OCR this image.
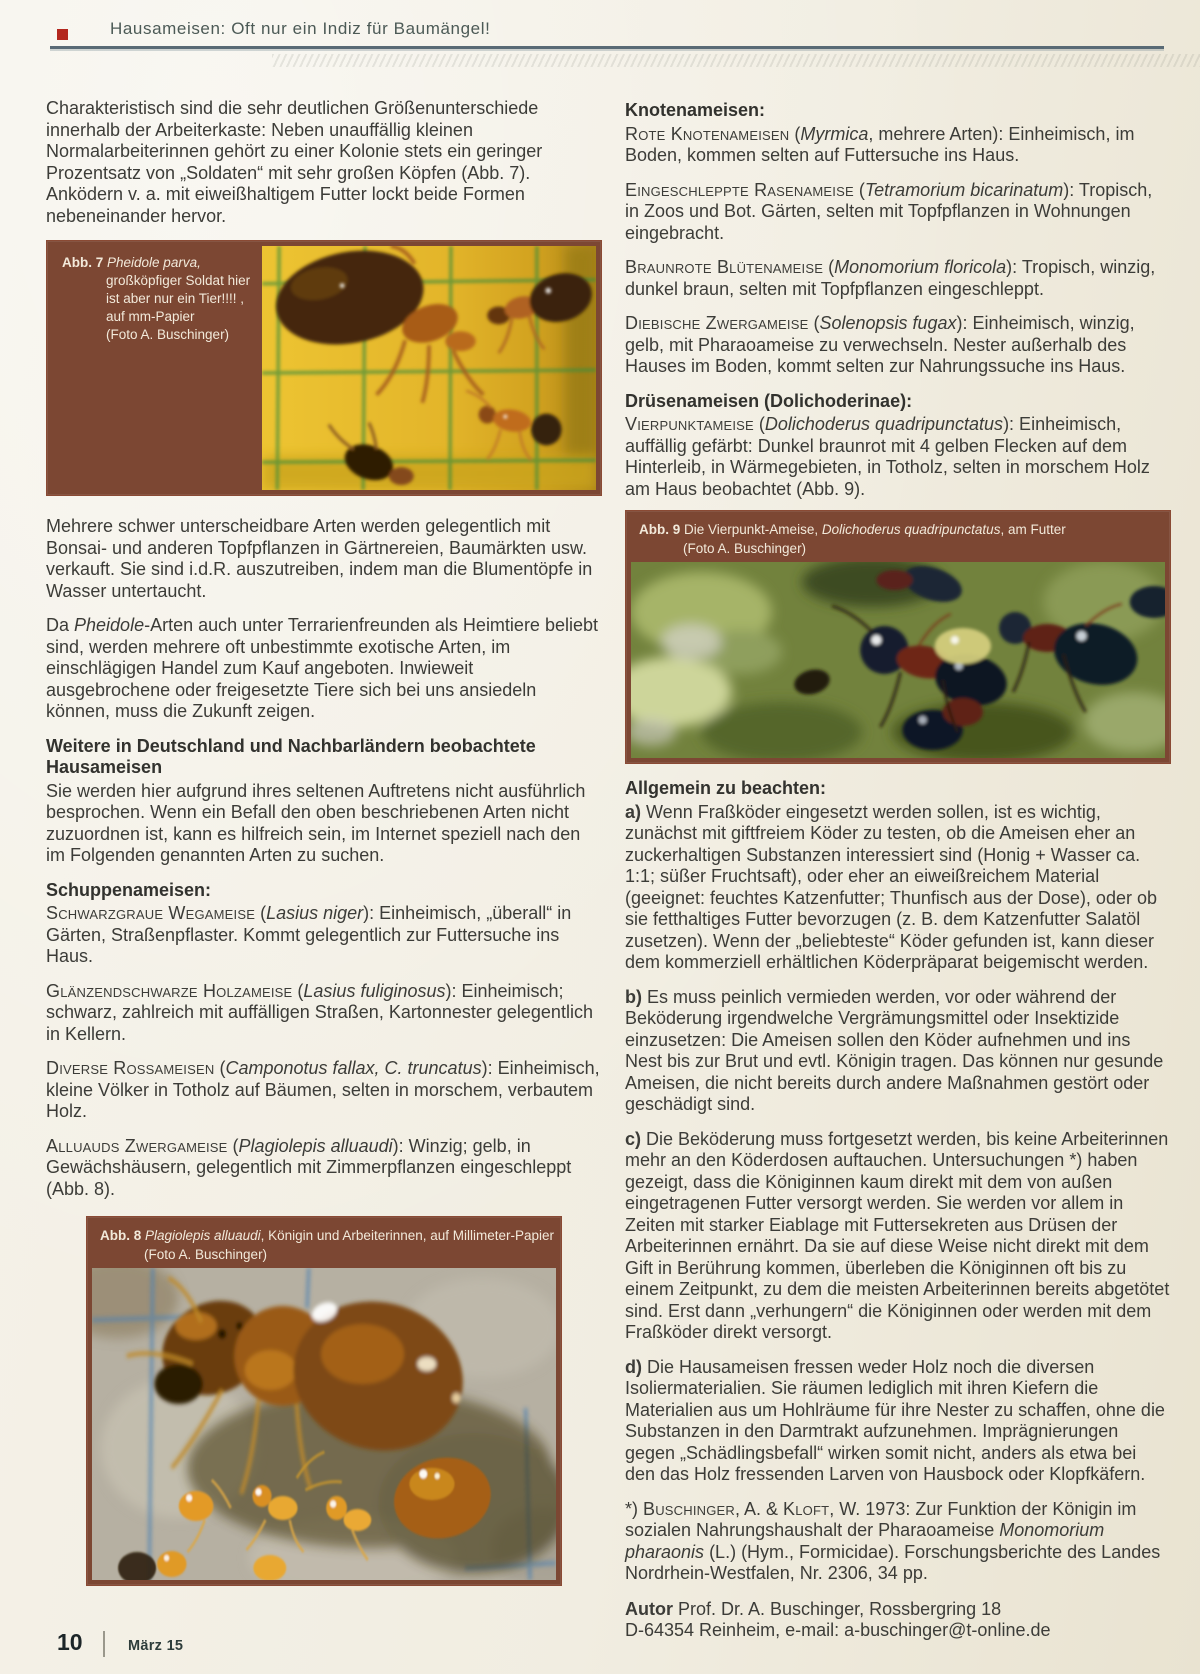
Hausameisen: Oft nur ein Indiz für Baumängel!

Charakteristisch sind die sehr deutlichen Größenunterschiede innerhalb der Arbeiterkaste: Neben unauffällig kleinen Normalarbeiterinnen gehört zu einer Kolonie stets ein geringer Prozentsatz von „Soldaten“ mit sehr großen Köpfen (Abb. 7). Anködern v. a. mit eiweißhaltigem Futter lockt beide Formen nebeneinander hervor.

Abb. 7 Pheidole parva,
großköpfiger Soldat hier
ist aber nur ein Tier!!!! ,
auf mm-Papier
(Foto A. Buschinger)

Mehrere schwer unterscheidbare Arten werden gelegentlich mit Bonsai- und anderen Topfpflanzen in Gärtnereien, Baumärkten usw. verkauft. Sie sind i.d.R. auszutreiben, indem man die Blumentöpfe in Wasser untertaucht.

Da Pheidole-Arten auch unter Terrarienfreunden als Heimtiere beliebt sind, werden mehrere oft unbestimmte exotische Arten, im einschlägigen Handel zum Kauf angeboten. Inwieweit ausgebrochene oder freigesetzte Tiere sich bei uns ansiedeln können, muss die Zukunft zeigen.

Weitere in Deutschland und Nachbarländern beobachtete Hausameisen

Sie werden hier aufgrund ihres seltenen Auftretens nicht ausführlich besprochen. Wenn ein Befall den oben beschriebenen Arten nicht zuzuordnen ist, kann es hilfreich sein, im Internet speziell nach den im Folgenden genannten Arten zu suchen.

Schuppenameisen:

Schwarzgraue Wegameise (Lasius niger): Einheimisch, „überall“ in Gärten, Straßenpflaster. Kommt gelegentlich zur Futtersuche ins Haus.

Glänzendschwarze Holzameise (Lasius fuliginosus): Einheimisch; schwarz, zahlreich mit auffälligen Straßen, Kartonnester gelegentlich in Kellern.

Diverse Rossameisen (Camponotus fallax, C. truncatus): Einheimisch, kleine Völker in Totholz auf Bäumen, selten in morschem, verbautem Holz.

Alluauds Zwergameise (Plagiolepis alluaudi): Winzig; gelb, in Gewächshäusern, gelegentlich mit Zimmerpflanzen eingeschleppt (Abb. 8).

Abb. 8 Plagiolepis alluaudi, Königin und Arbeiterinnen, auf Millimeter-Papier
(Foto A. Buschinger)
Knotenameisen:

Rote Knotenameisen (Myrmica, mehrere Arten): Einheimisch, im Boden, kommen selten auf Futtersuche ins Haus.

Eingeschleppte Rasenameise (Tetramorium bicarinatum): Tropisch, in Zoos und Bot. Gärten, selten mit Topfpflanzen in Wohnungen eingebracht.

Braunrote Blütenameise (Monomorium floricola): Tropisch, winzig, dunkel braun, selten mit Topfpflanzen eingeschleppt.

Diebische Zwergameise (Solenopsis fugax): Einheimisch, winzig, gelb, mit Pharaoameise zu verwechseln. Nester außerhalb des Hauses im Boden, kommt selten zur Nahrungssuche ins Haus.

Drüsenameisen (Dolichoderinae):

Vierpunktameise (Dolichoderus quadripunctatus): Einheimisch, auffällig gefärbt: Dunkel braunrot mit 4 gelben Flecken auf dem Hinterleib, in Wärmegebieten, in Totholz, selten in morschem Holz am Haus beobachtet (Abb. 9).

Abb. 9 Die Vierpunkt-Ameise, Dolichoderus quadripunctatus, am Futter
(Foto A. Buschinger)
Allgemein zu beachten:

a) Wenn Fraßköder eingesetzt werden sollen, ist es wichtig, zunächst mit giftfreiem Köder zu testen, ob die Ameisen eher an zuckerhaltigen Substanzen interessiert sind (Honig + Wasser ca. 1:1; süßer Fruchtsaft), oder eher an eiweißreichem Material (geeignet: feuchtes Katzenfutter; Thunfisch aus der Dose), oder ob sie fetthaltiges Futter bevorzugen (z. B. dem Katzenfutter Salatöl zusetzen). Wenn der „beliebteste“ Köder gefunden ist, kann dieser dem kommerziell erhältlichen Köderpräparat beigemischt werden.

b) Es muss peinlich vermieden werden, vor oder während der Beköderung irgendwelche Vergrämungsmittel oder Insektizide einzusetzen: Die Ameisen sollen den Köder aufnehmen und ins Nest bis zur Brut und evtl. Königin tragen. Das können nur gesunde Ameisen, die nicht bereits durch andere Maßnahmen gestört oder geschädigt sind.

c) Die Beköderung muss fortgesetzt werden, bis keine Arbeiterinnen mehr an den Köderdosen auftauchen. Untersuchungen *) haben gezeigt, dass die Königinnen kaum direkt mit dem von außen eingetragenen Futter versorgt werden. Sie werden vor allem in Zeiten mit starker Eiablage mit Futtersekreten aus Drüsen der Arbeiterinnen ernährt. Da sie auf diese Weise nicht direkt mit dem Gift in Berührung kommen, überleben die Königinnen oft bis zu einem Zeitpunkt, zu dem die meisten Arbeiterinnen bereits abgetötet sind. Erst dann „verhungern“ die Königinnen oder werden mit dem Fraßköder direkt versorgt.

d) Die Hausameisen fressen weder Holz noch die diversen Isoliermaterialien. Sie räumen lediglich mit ihren Kiefern die Materialien aus um Hohlräume für ihre Nester zu schaffen, ohne die Substanzen in den Darmtrakt aufzunehmen. Imprägnierungen gegen „Schädlingsbefall“ wirken somit nicht, anders als etwa bei den das Holz fressenden Larven von Hausbock oder Klopfkäfern.

*) Buschinger, A. & Kloft, W. 1973: Zur Funktion der Königin im sozialen Nahrungshaushalt der Pharaoameise Monomorium pharaonis (L.) (Hym., Formicidae). Forschungsberichte des Landes Nordrhein-Westfalen, Nr. 2306, 34 pp.

Autor Prof. Dr. A. Buschinger, Rossbergring 18
D-64354 Reinheim, e-mail: a-buschinger@t-online.de
10	März 15
